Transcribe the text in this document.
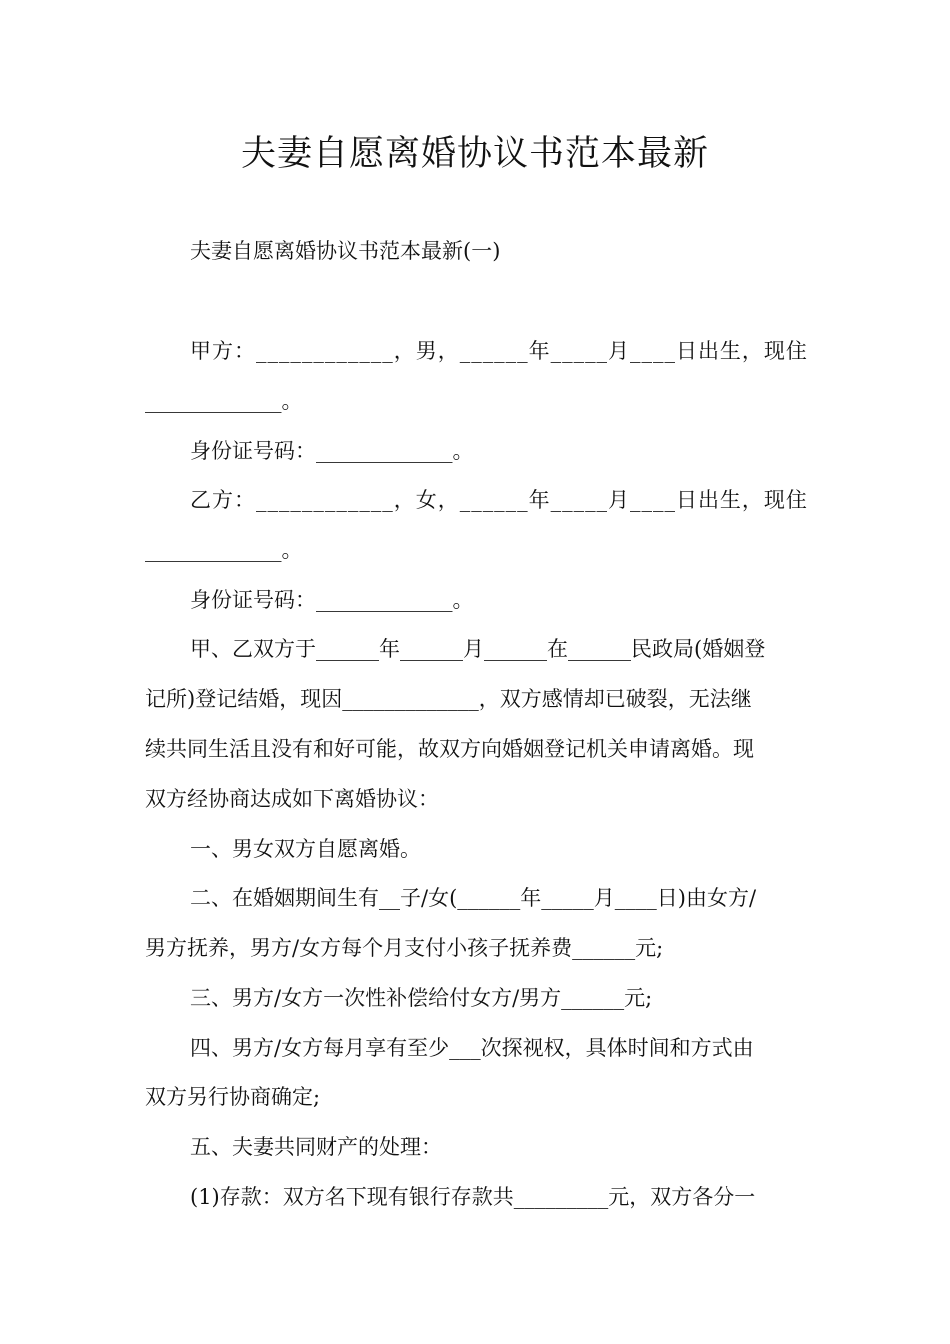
夫妻自愿离婚协议书范本最新
夫妻自愿离婚协议书范本最新(一)
甲 方 ： _ _ _ _ _ _ _ _ _ _ _ _ ， 男 ， _ _ _ _ _ _ 年 _ _ _ _ _ 月 _ _ _ _ 日 出 生 ， 现 住
_____________。
身份证号码：_____________。
乙 方 ： _ _ _ _ _ _ _ _ _ _ _ _ ， 女 ， _ _ _ _ _ _ 年 _ _ _ _ _ 月 _ _ _ _ 日 出 生 ， 现 住
_____________。
身份证号码：_____________。
甲、乙双方于______年______月______在______民政局(婚姻登
记所)登记结婚，现因_____________，双方感情却已破裂，无法继
续共同生活且没有和好可能，故双方向婚姻登记机关申请离婚。现
双方经协商达成如下离婚协议：
一、男女双方自愿离婚。
二、在婚姻期间生有__子/女(______年_____月____日)由女方/
男方抚养，男方/女方每个月支付小孩子抚养费______元;
三、男方/女方一次性补偿给付女方/男方______元;
四、男方/女方每月享有至少___次探视权，具体时间和方式由
双方另行协商确定;
五、夫妻共同财产的处理：
(1)存款：双方名下现有银行存款共_________元，双方各分一
